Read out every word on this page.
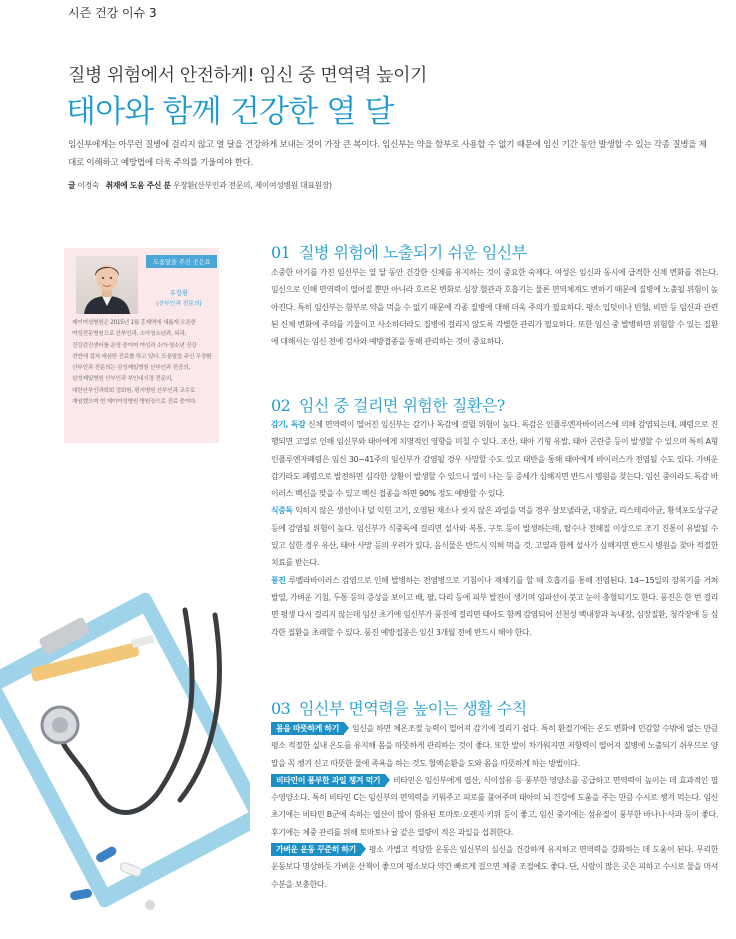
시즌 건강 이슈 3
질병 위험에서 안전하게! 임신 중 면역력 높이기
태아와 함께 건강한 열 달
임신부에게는 아무런 질병에 걸리지 않고 열 달을 건강하게 보내는 것이 가장 큰 복이다. 임신부는 약을 함부로 사용할 수 없기 때문에 임신 기간 동안 발생할 수 있는 각종 질병을 제대로 이해하고 예방법에 더욱 주의를 기울여야 한다.
글 이경숙 취재에 도움 주신 분 우장환(산부인과 전문의, 제이여성병원 대표원장)
도움말을 주신 곳은요
우장환
(산부인과 전문의)
제이여성병원은 2015년 1월 홍제역에 새롭게 오픈한 여성전문병원으로 산부인과, 소아청소년과, 외과, 건강검진센터를 운영 중이며 여성과 소아·청소년 건강 전반에 걸쳐 세심한 진료를 하고 있다. 도움말을 주신 우장환 산부인과 전문의는 삼성제일병원 산부인과 전공의, 삼성제일병원 산부인과 부인내시경 전문의, 대한산부인과학회 정회원, 평지병원 산부인과 교수로 재임했으며 현 제이여성병원 병원장으로 진료 중이다.
01 질병 위험에 노출되기 쉬운 임신부
소중한 아기를 가진 임신부는 열 달 동안 건강한 신체를 유지하는 것이 중요한 숙제다. 여성은 임신과 동시에 급격한 신체 변화를 겪는다. 임신으로 인해 면역력이 떨어질 뿐만 아니라 호르몬 변화로 심장 혈관과 호흡기는 물론 면역체계도 변하기 때문에 질병에 노출될 위험이 높아진다. 특히 임신부는 함부로 약을 먹을 수 없기 때문에 각종 질병에 대해 더욱 주의가 필요하다. 평소 입덧이나 빈혈, 비만 등 임신과 관련된 신체 변화에 주의를 기울이고 사소하더라도 질병에 걸리지 않도록 각별한 관리가 필요하다. 또한 임신 중 발병하면 위험할 수 있는 질환에 대해서는 임신 전에 검사와 예방접종을 통해 관리하는 것이 중요하다.
02 임신 중 걸리면 위험한 질환은?
감기, 독감 신체 면역력이 떨어진 임신부는 감기나 독감에 걸릴 위험이 높다. 독감은 인플루엔자바이러스에 의해 감염되는데, 폐렴으로 진행되면 고열로 인해 임신부와 태아에게 치명적인 영향을 미칠 수 있다. 조산, 태아 기형 유발, 태아 곤란증 등이 발생할 수 있으며 특히 A형 인플루엔자폐렴은 임신 30~41주의 임신부가 감염될 경우 사망할 수도 있고 태반을 통해 태아에게 바이러스가 전염될 수도 있다. 가벼운 감기라도 폐렴으로 발전하면 심각한 상황이 발생할 수 있으니 열이 나는 등 증세가 심해지면 반드시 병원을 찾는다. 임신 중이라도 독감 바이러스 백신을 맞을 수 있고 백신 접종을 하면 90% 정도 예방할 수 있다.
식중독 익히지 않은 생선이나 덜 익힌 고기, 오염된 채소나 씻지 않은 과일을 먹을 경우 살모넬라균, 대장균, 리스테리아균, 황색포도상구균 등에 감염될 위험이 높다. 임신부가 식중독에 걸리면 설사와 복통, 구토 등이 발생하는데, 탈수나 전해질 이상으로 조기 진통이 유발될 수 있고 심한 경우 유산, 태아 사망 등의 우려가 있다. 음식물은 반드시 익혀 먹을 것. 고열과 함께 설사가 심해지면 반드시 병원을 찾아 적절한 치료를 받는다.
풍진 루벨라바이러스 감염으로 인해 발병하는 전염병으로 기침이나 재채기를 할 때 호흡기를 통해 전염된다. 14~15일의 잠복기를 거쳐 발열, 가벼운 기침, 두통 등의 증상을 보이고 배, 팔, 다리 등에 피부 발진이 생기며 임파선이 붓고 눈이 충혈되기도 한다. 풍진은 한 번 걸리면 평생 다시 걸리지 않는데 임신 초기에 임신부가 풍진에 걸리면 태아도 함께 감염되어 선천성 백내장과 녹내장, 심장질환, 청각장애 등 심각한 질환을 초래할 수 있다. 풍진 예방접종은 임신 3개월 전에 반드시 해야 한다.
03 임신부 면역력을 높이는 생활 수칙
몸을 따뜻하게 하기 임신을 하면 체온조절 능력이 떨어져 감기에 걸리기 쉽다. 특히 환절기에는 온도 변화에 민감할 수밖에 없는 만큼 평소 적절한 실내 온도를 유지해 몸을 따뜻하게 관리하는 것이 좋다. 또한 발이 차가워지면 저항력이 떨어져 질병에 노출되기 쉬우므로 양말을 꼭 챙겨 신고 따뜻한 물에 족욕을 하는 것도 혈액순환을 도와 몸을 따뜻하게 하는 방법이다.
비타민이 풍부한 과일 챙겨 먹기 비타민은 임신부에게 엽산, 식이섬유 등 풍부한 영양소를 공급하고 면역력이 높이는 데 효과적인 필수영양소다. 특히 비타민 C는 임신부의 면역력을 키워주고 피로를 풀어주며 태아의 뇌 건강에 도움을 주는 만큼 수시로 챙겨 먹는다. 임신 초기에는 비타민 B군에 속하는 엽산이 많이 함유된 토마토·오렌지·키위 등이 좋고, 임신 중기에는 섬유질이 풍부한 바나나·사과 등이 좋다. 후기에는 체중 관리를 위해 토마토나 귤 같은 열량이 적은 과일을 섭취한다.
가벼운 운동 꾸준히 하기 평소 가볍고 적당한 운동은 임신부의 심신을 건강하게 유지하고 면역력을 강화하는 데 도움이 된다. 무리한 운동보다 명상하듯 가벼운 산책이 좋으며 평소보다 약간 빠르게 걸으면 체중 조절에도 좋다. 단, 사람이 많은 곳은 피하고 수시로 물을 마셔 수분을 보충한다.
